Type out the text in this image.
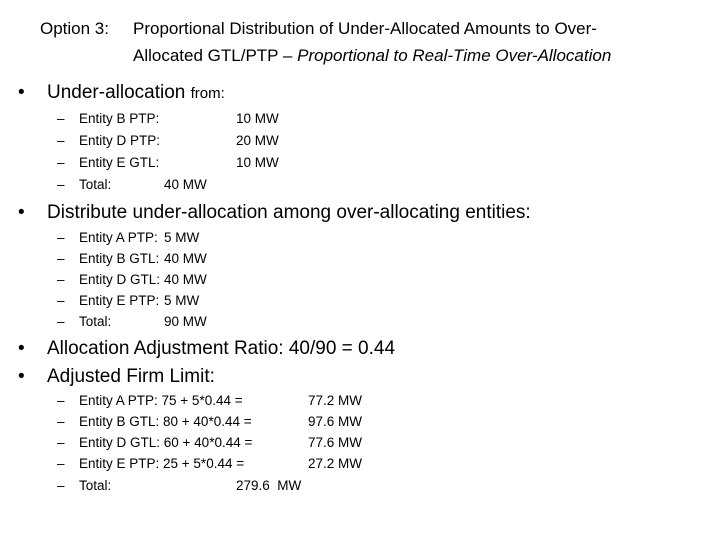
Option 3: Proportional Distribution of Under-Allocated Amounts to Over-
Allocated GTL/PTP – Proportional to Real-Time Over-Allocation
• Under-allocation from:
– Entity B PTP:	10 MW
– Entity D PTP:	20 MW
– Entity E GTL:	10 MW
– Total:	40 MW
• Distribute under-allocation among over-allocating entities:
– Entity A PTP: 5 MW
– Entity B GTL: 40 MW
– Entity D GTL: 40 MW
– Entity E PTP: 5 MW
– Total:	90 MW
• Allocation Adjustment Ratio: 40/90 = 0.44
• Adjusted Firm Limit:
– Entity A PTP: 75 + 5*0.44 =	77.2 MW
– Entity B GTL: 80 + 40*0.44 =	97.6 MW
– Entity D GTL: 60 + 40*0.44 =	77.6 MW
– Entity E PTP: 25 + 5*0.44 =	27.2 MW
– Total:	279.6  MW
